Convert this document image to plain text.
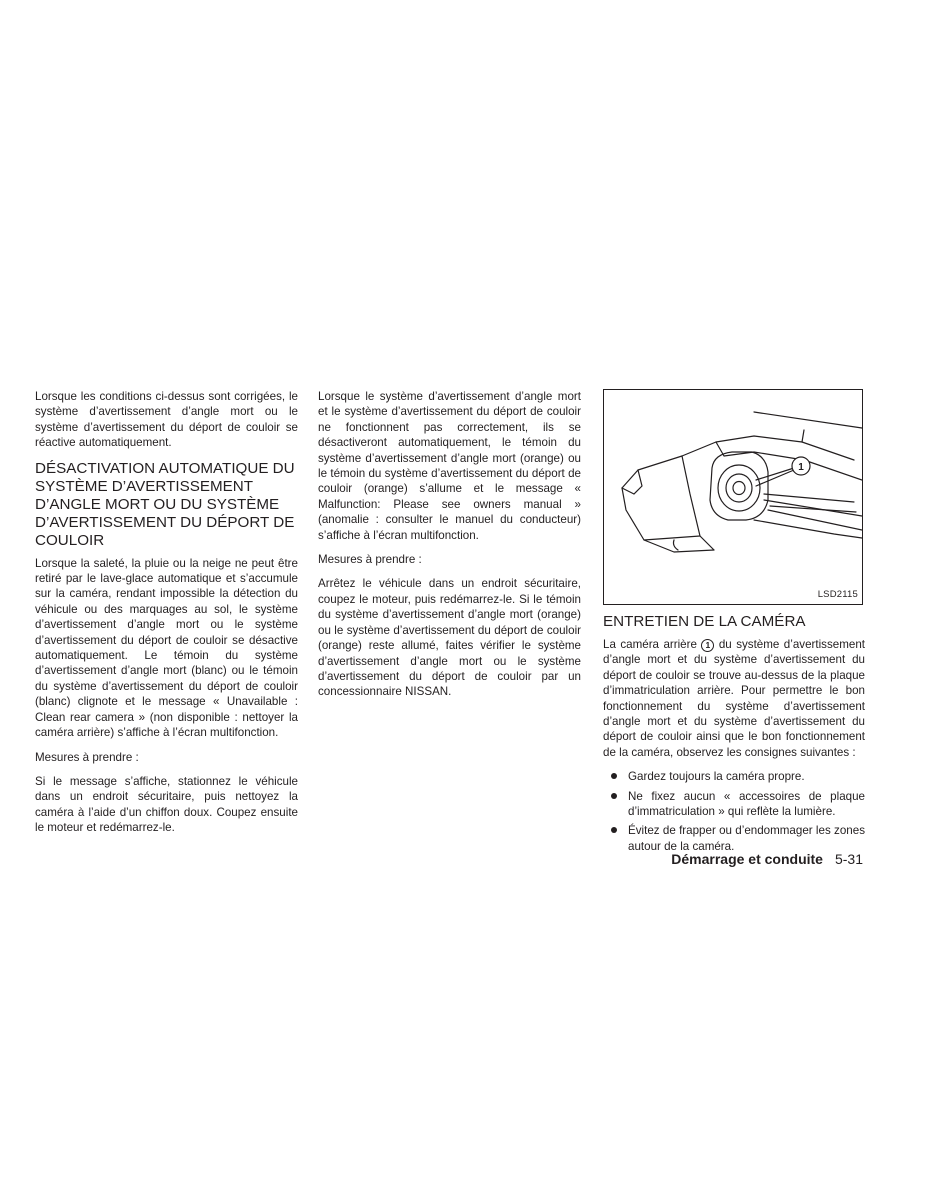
Lorsque les conditions ci-dessus sont corrigées, le système d’avertissement d’angle mort ou le système d’avertissement du déport de couloir se réactive automatiquement.

DÉSACTIVATION AUTOMATIQUE DU SYSTÈME D’AVERTISSEMENT D’ANGLE MORT OU DU SYSTÈME D’AVERTISSEMENT DU DÉPORT DE COULOIR

Lorsque la saleté, la pluie ou la neige ne peut être retiré par le lave-glace automatique et s’accumule sur la caméra, rendant impossible la détection du véhicule ou des marquages au sol, le système d’avertissement d’angle mort ou le système d’avertissement du déport de couloir se désactive automatiquement. Le témoin du système d’avertissement d’angle mort (blanc) ou le témoin du système d’avertissement du déport de couloir (blanc) clignote et le message « Unavailable : Clean rear camera » (non disponible : nettoyer la caméra arrière) s’affiche à l’écran multifonction.

Mesures à prendre :

Si le message s’affiche, stationnez le véhicule dans un endroit sécuritaire, puis nettoyez la caméra à l’aide d’un chiffon doux. Coupez ensuite le moteur et redémarrez-le.

Lorsque le système d’avertissement d’angle mort et le système d’avertissement du déport de couloir ne fonctionnent pas correctement, ils se désactiveront automatiquement, le témoin du système d’avertissement d’angle mort (orange) ou le témoin du système d’avertissement du déport de couloir (orange) s’allume et le message « Malfunction: Please see owners manual » (anomalie : consulter le manuel du conducteur) s’affiche à l’écran multifonction.

Mesures à prendre :

Arrêtez le véhicule dans un endroit sécuritaire, coupez le moteur, puis redémarrez-le. Si le témoin du système d’avertissement d’angle mort (orange) ou le système d’avertissement du déport de couloir (orange) reste allumé, faites vérifier le système d’avertissement d’angle mort ou le système d’avertissement du déport de couloir par un concessionnaire NISSAN.

1
LSD2115
ENTRETIEN DE LA CAMÉRA

La caméra arrière 1 du système d’avertissement d’angle mort et du système d’avertissement du déport de couloir se trouve au-dessus de la plaque d’immatriculation arrière. Pour permettre le bon fonctionnement du système d’avertissement d’angle mort et du système d’avertissement du déport de couloir ainsi que le bon fonctionnement de la caméra, observez les consignes suivantes :

Gardez toujours la caméra propre.
Ne fixez aucun « accessoires de plaque d’immatriculation » qui reflète la lumière.
Évitez de frapper ou d’endommager les zones autour de la caméra.
Démarrage et conduite 5-31
